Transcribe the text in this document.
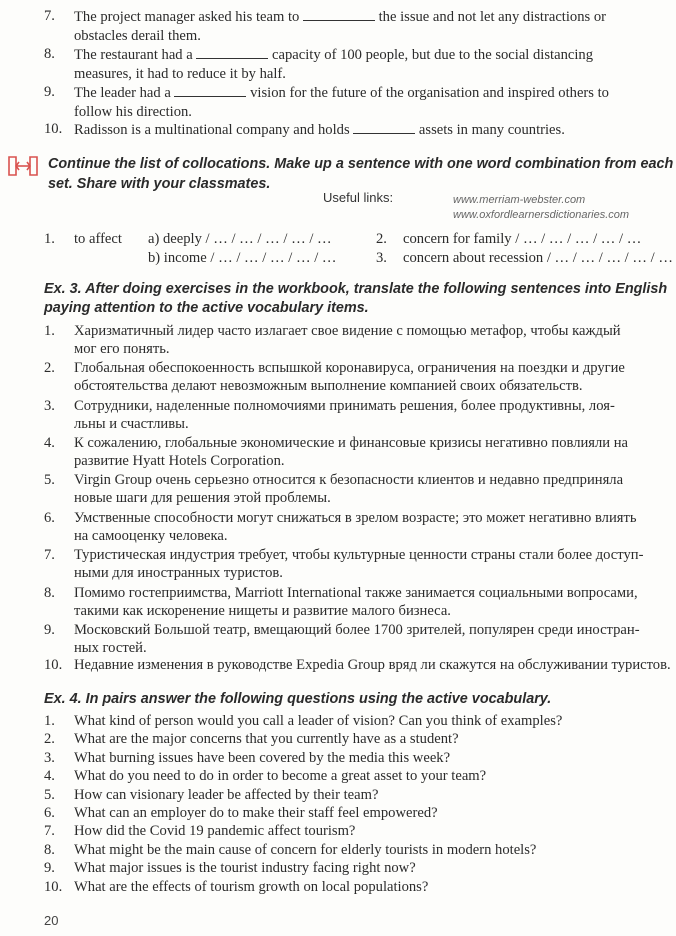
7. The project manager asked his team to	the issue and not let any distractions or
obstacles derail them.
8. The restaurant had a	capacity of 100 people, but due to the social distancing
measures, it had to reduce it by half.
9. The leader had a	vision for the future of the organisation and inspired others to
follow his direction.
10. Radisson is a multinational company and holds	assets in many countries.
Continue the list of collocations. Make up a sentence with one word combination from each
set. Share with your classmates.
Useful links:	www.merriam-webster.com
www.oxfordlearnersdictionaries.com
1. to affect a) deeply / … / … / … / … / …
b) income / … / … / … / … / …
2. concern for family / … / … / … / … / …
3. concern about recession / … / … / … / … / …
Ex. 3. After doing exercises in the workbook, translate the following sentences into English
paying attention to the active vocabulary items.
1. Харизматичный лидер часто излагает свое видение с помощью метафор, чтобы каждый
мог его понять.
2. Глобальная обеспокоенность вспышкой коронавируса, ограничения на поездки и другие
обстоятельства делают невозможным выполнение компанией своих обязательств.
3. Сотрудники, наделенные полномочиями принимать решения, более продуктивны, лоя-
льны и счастливы.
4. К сожалению, глобальные экономические и финансовые кризисы негативно повлияли на
развитие Hyatt Hotels Corporation.
5. Virgin Group очень серьезно относится к безопасности клиентов и недавно предприняла
новые шаги для решения этой проблемы.
6. Умственные способности могут снижаться в зрелом возрасте; это может негативно влиять
на самооценку человека.
7. Туристическая индустрия требует, чтобы культурные ценности страны стали более доступ-
ными для иностранных туристов.
8. Помимо гостеприимства, Marriott International также занимается социальными вопросами,
такими как искоренение нищеты и развитие малого бизнеса.
9. Московский Большой театр, вмещающий более 1700 зрителей, популярен среди иностран-
ных гостей.
10. Недавние изменения в руководстве Expedia Group вряд ли скажутся на обслуживании туристов.
Ex. 4. In pairs answer the following questions using the active vocabulary.
1. What kind of person would you call a leader of vision? Can you think of examples?
2. What are the major concerns that you currently have as a student?
3. What burning issues have been covered by the media this week?
4. What do you need to do in order to become a great asset to your team?
5. How can visionary leader be affected by their team?
6. What can an employer do to make their staff feel empowered?
7. How did the Covid 19 pandemic affect tourism?
8. What might be the main cause of concern for elderly tourists in modern hotels?
9. What major issues is the tourist industry facing right now?
10. What are the effects of tourism growth on local populations?
20
